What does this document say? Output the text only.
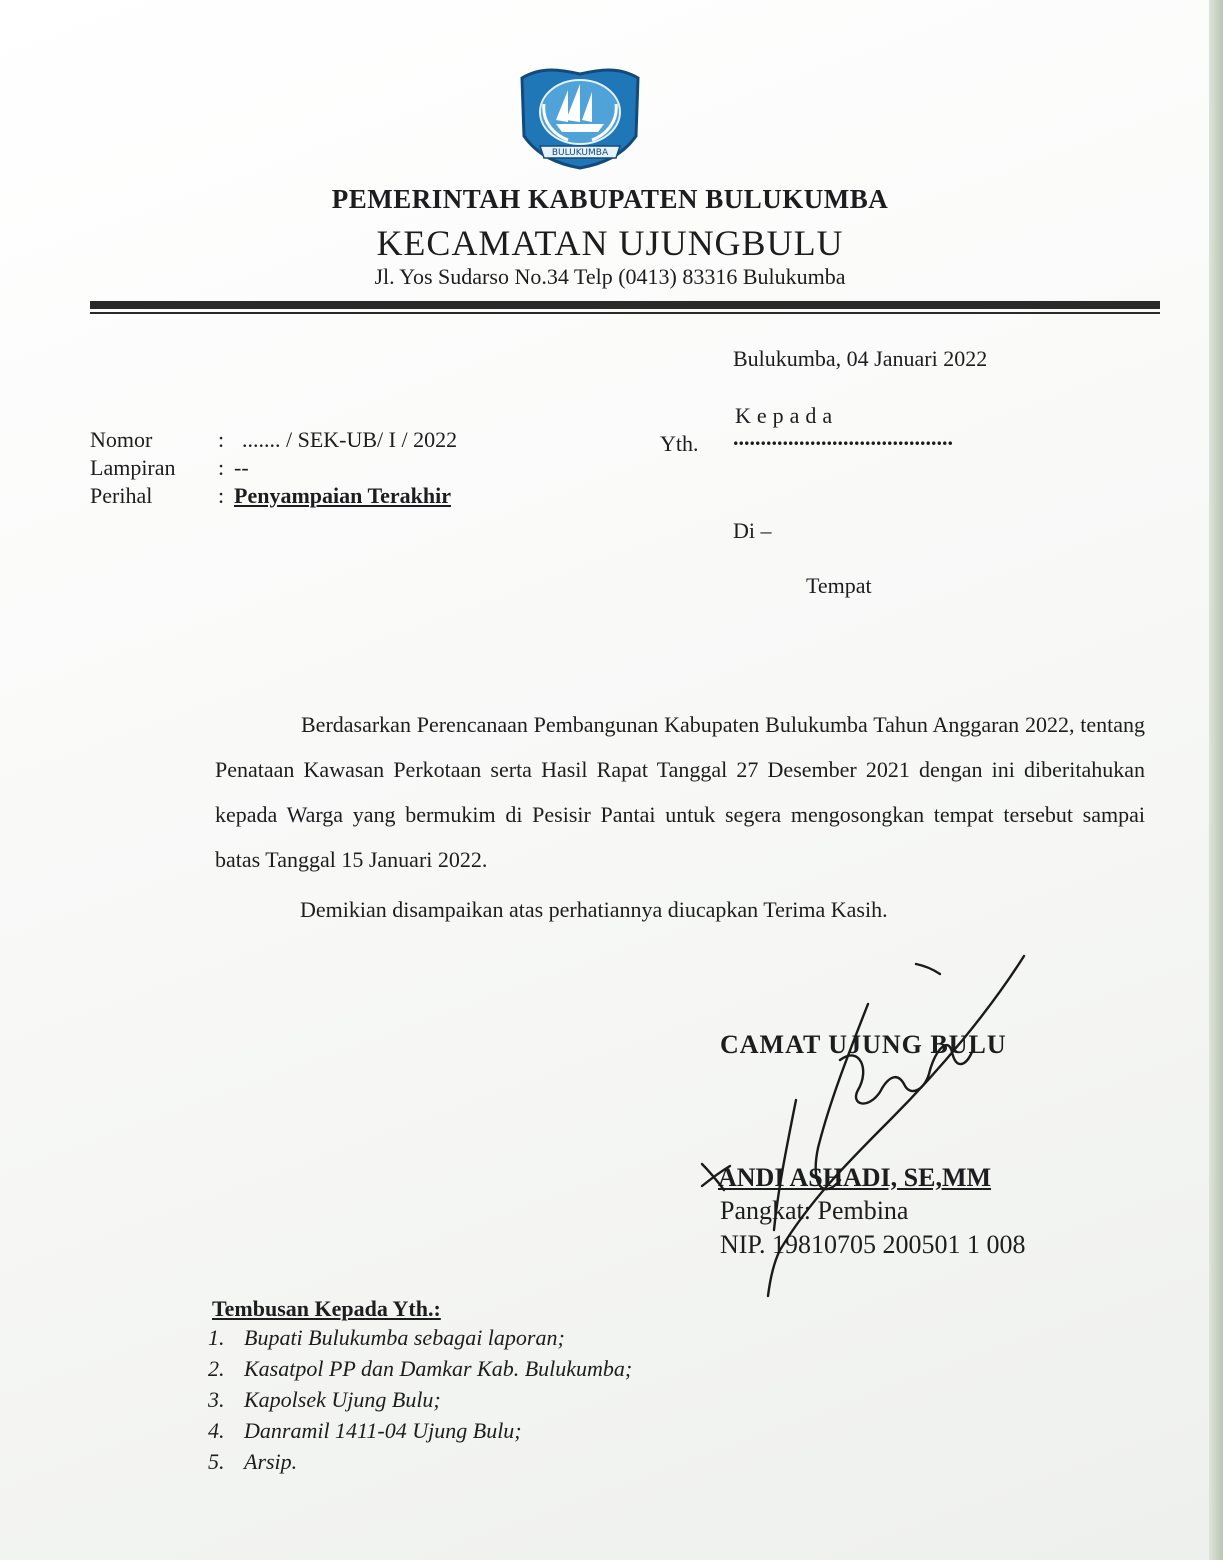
BULUKUMBA
PEMERINTAH KABUPATEN BULUKUMBA
KECAMATAN UJUNGBULU
Jl. Yos Sudarso No.34 Telp (0413) 83316 Bulukumba
Bulukumba, 04 Januari 2022
Nomor	: ....... / SEK-UB/ I / 2022
Lampiran : --
Perihal	: Penyampaian Terakhir
Kepada
Yth. ........................................
Di –
Tempat

Berdasarkan Perencanaan Pembangunan Kabupaten Bulukumba Tahun Anggaran 2022, tentang Penataan Kawasan Perkotaan serta Hasil Rapat Tanggal 27 Desember 2021 dengan ini diberitahukan kepada Warga yang bermukim di Pesisir Pantai untuk segera mengosongkan tempat tersebut sampai batas Tanggal 15 Januari 2022.

Demikian disampaikan atas perhatiannya diucapkan Terima Kasih.
CAMAT UJUNG BULU
ANDI ASHADI, SE,MM
Pangkat: Pembina
NIP. 19810705 200501 1 008
Tembusan Kepada Yth.:
1. Bupati Bulukumba sebagai laporan;
2. Kasatpol PP dan Damkar Kab. Bulukumba;
3. Kapolsek Ujung Bulu;
4. Danramil 1411-04 Ujung Bulu;
5. Arsip.
